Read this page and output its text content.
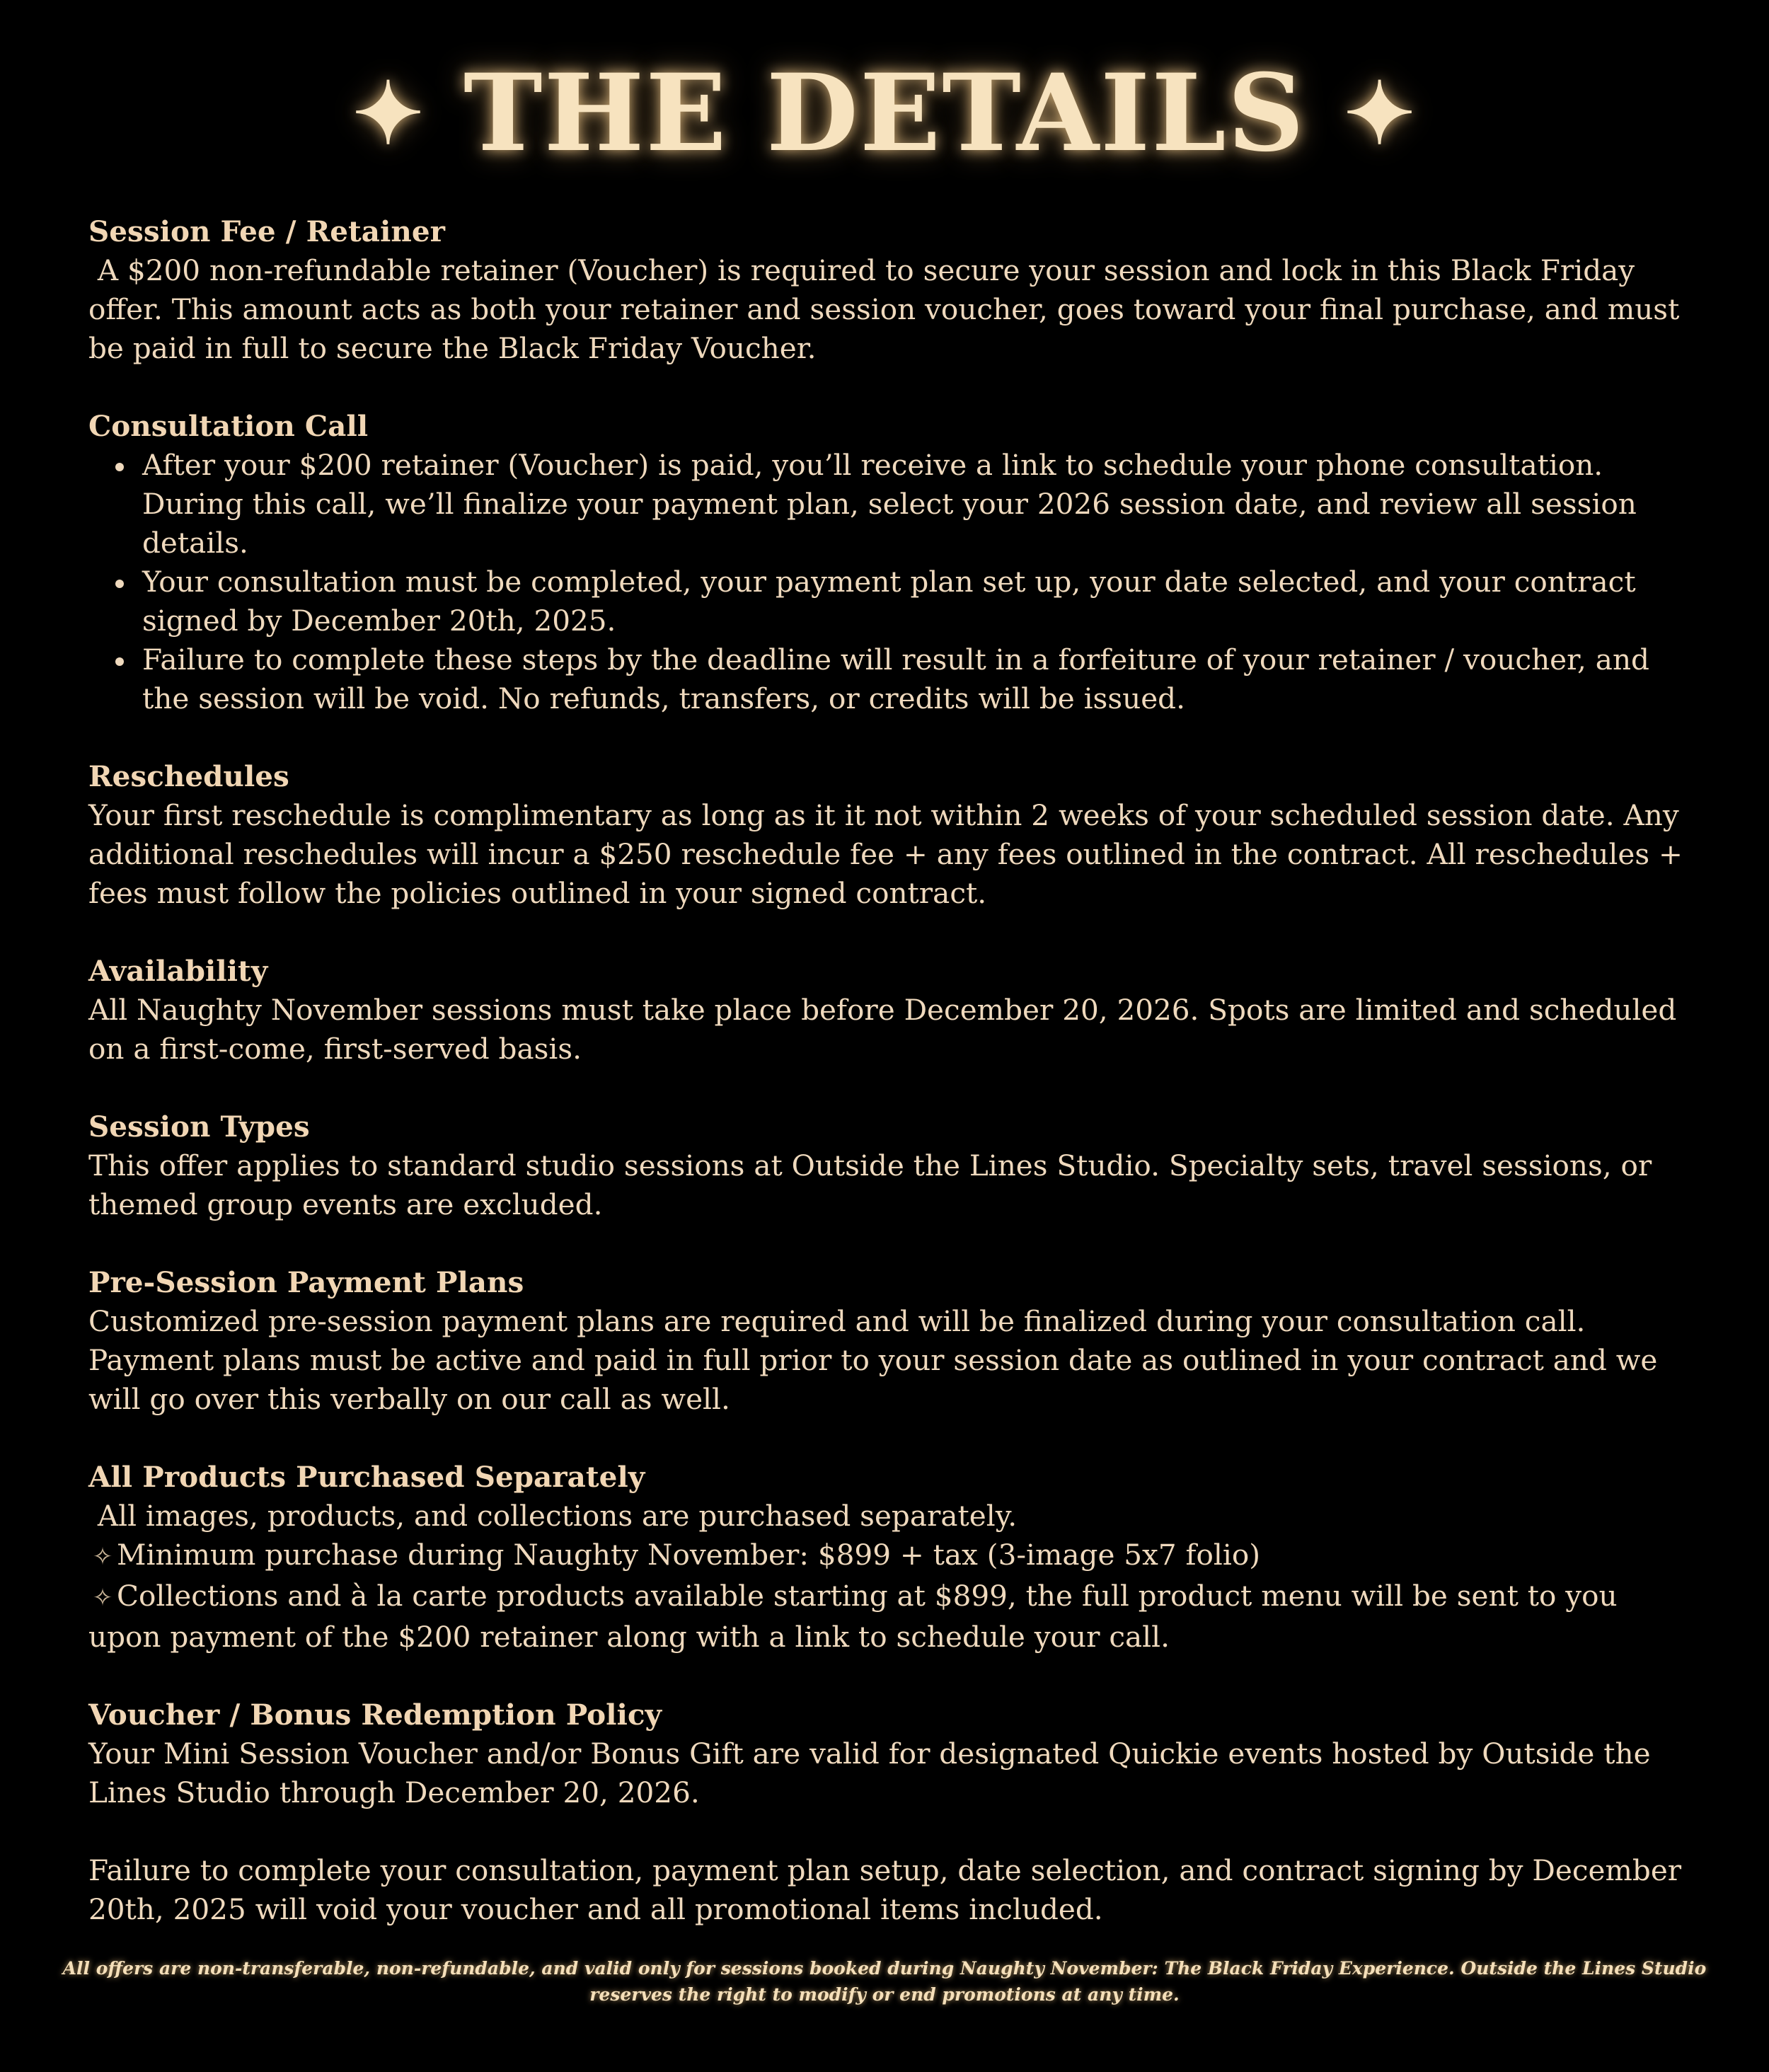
✦ THE DETAILS ✦
Session Fee / Retainer
A $200 non-refundable retainer (Voucher) is required to secure your session and lock in this Black Friday offer. This amount acts as both your retainer and session voucher, goes toward your final purchase, and must be paid in full to secure the Black Friday Voucher.
Consultation Call
After your $200 retainer (Voucher) is paid, you’ll receive a link to schedule your phone consultation. During this call, we’ll finalize your payment plan, select your 2026 session date, and review all session details.
Your consultation must be completed, your payment plan set up, your date selected, and your contract signed by December 20th, 2025.
Failure to complete these steps by the deadline will result in a forfeiture of your retainer / voucher, and the session will be void. No refunds, transfers, or credits will be issued.
Reschedules
Your first reschedule is complimentary as long as it it not within 2 weeks of your scheduled session date. Any additional reschedules will incur a $250 reschedule fee + any fees outlined in the contract. All reschedules + fees must follow the policies outlined in your signed contract.
Availability
All Naughty November sessions must take place before December 20, 2026. Spots are limited and scheduled on a first-come, first-served basis.
Session Types
This offer applies to standard studio sessions at Outside the Lines Studio. Specialty sets, travel sessions, or themed group events are excluded.
Pre-Session Payment Plans
Customized pre-session payment plans are required and will be finalized during your consultation call. Payment plans must be active and paid in full prior to your session date as outlined in your contract and we will go over this verbally on our call as well.
All Products Purchased Separately
All images, products, and collections are purchased separately.
✧ Minimum purchase during Naughty November: $899 + tax (3-image 5x7 folio)
✧ Collections and à la carte products available starting at $899, the full product menu will be sent to you upon payment of the $200 retainer along with a link to schedule your call.
Voucher / Bonus Redemption Policy
Your Mini Session Voucher and/or Bonus Gift are valid for designated Quickie events hosted by Outside the Lines Studio through December 20, 2026.
Failure to complete your consultation, payment plan setup, date selection, and contract signing by December 20th, 2025 will void your voucher and all promotional items included.
All offers are non-transferable, non-refundable, and valid only for sessions booked during Naughty November: The Black Friday Experience. Outside the Lines Studio reserves the right to modify or end promotions at any time.
